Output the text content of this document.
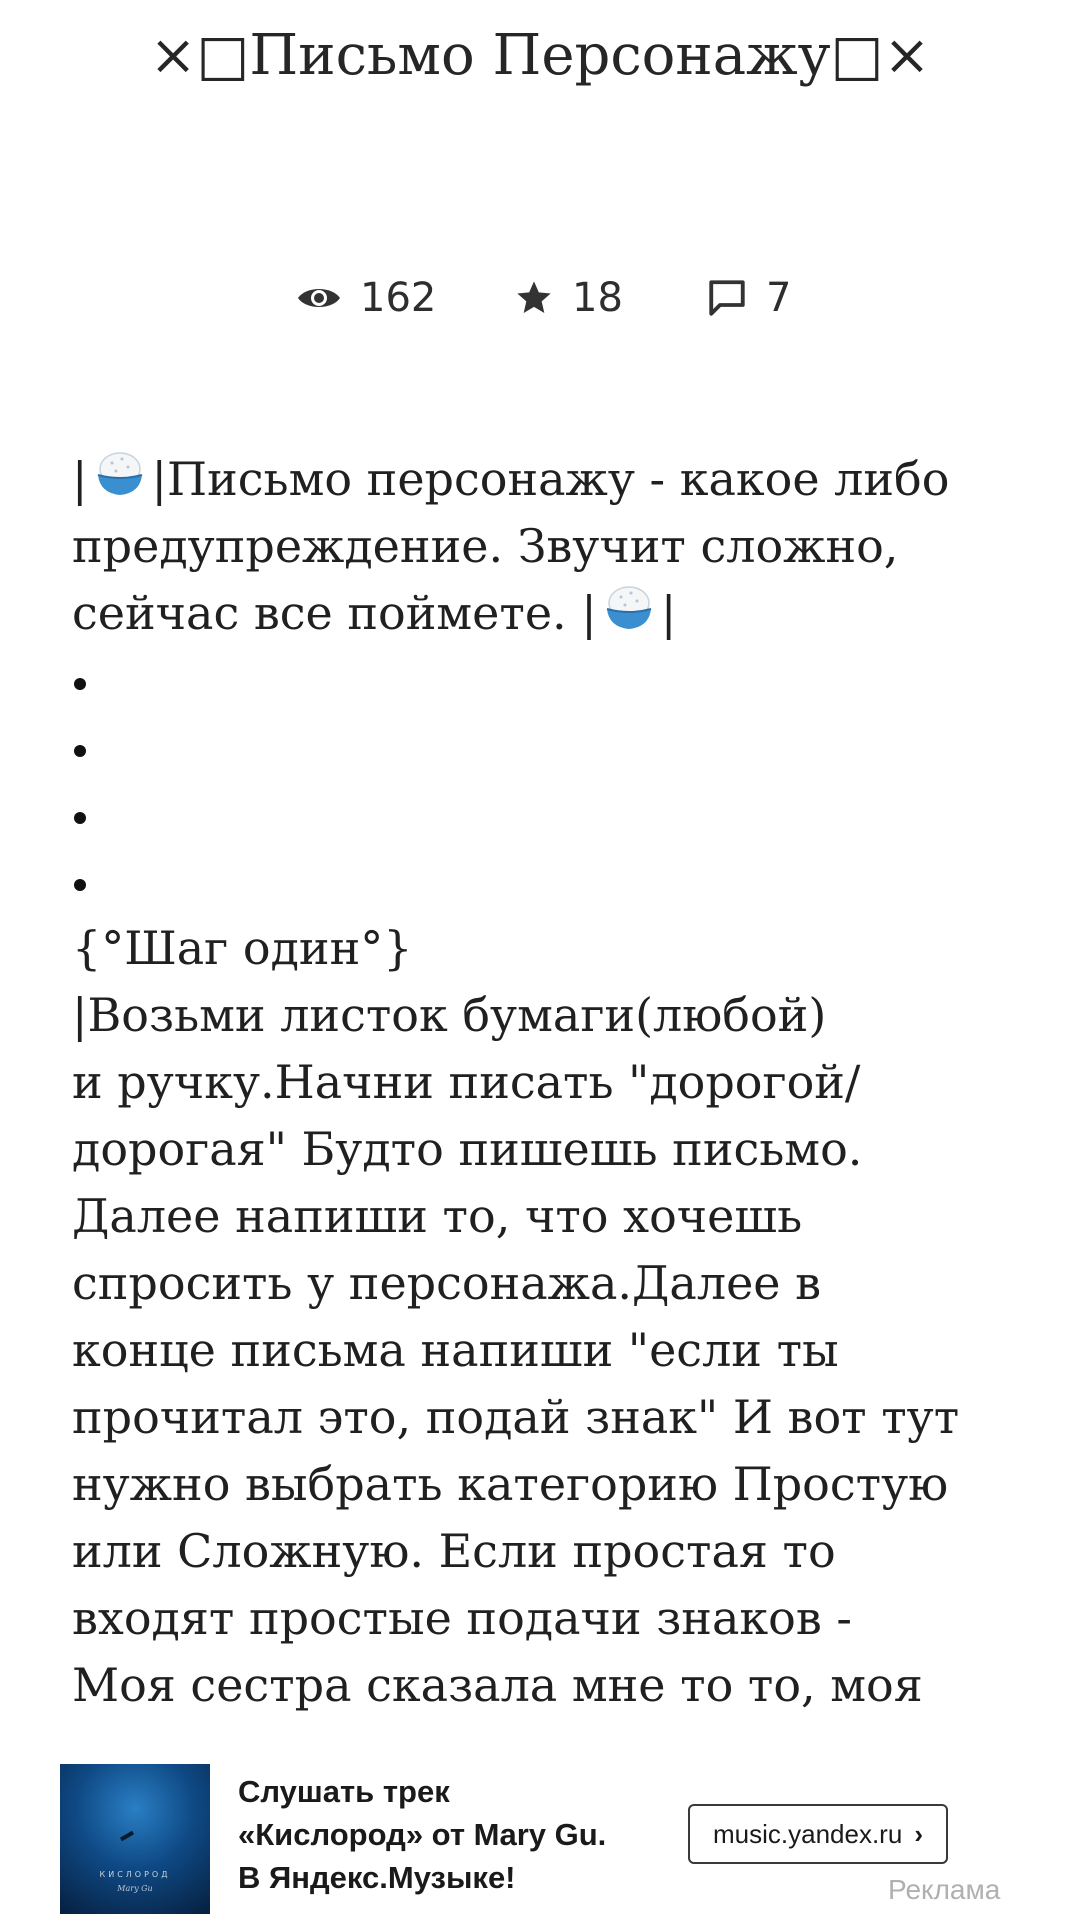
×□Письмо Персонажу□×
162	18	7
| |Письмо персонажу - какое либо
предупреждение. Звучит сложно,
сейчас все поймете. | |
{°Шаг один°}
|Возьми листок бумаги(любой)
и ручку.Начни писать "дорогой/
дорогая" Будто пишешь письмо.
Далее напиши то, что хочешь
спросить у персонажа.Далее в
конце письма напиши "если ты
прочитал это, подай знак" И вот тут
нужно выбрать категорию Простую
или Сложную. Если простая то
входят простые подачи знаков -
Моя сестра сказала мне то то, моя
КИСЛОРОД
Mary Gu
Слушать трек
«Кислород» от Mary Gu.
В Яндекс.Музыке!
music.yandex.ru ›
Реклама
